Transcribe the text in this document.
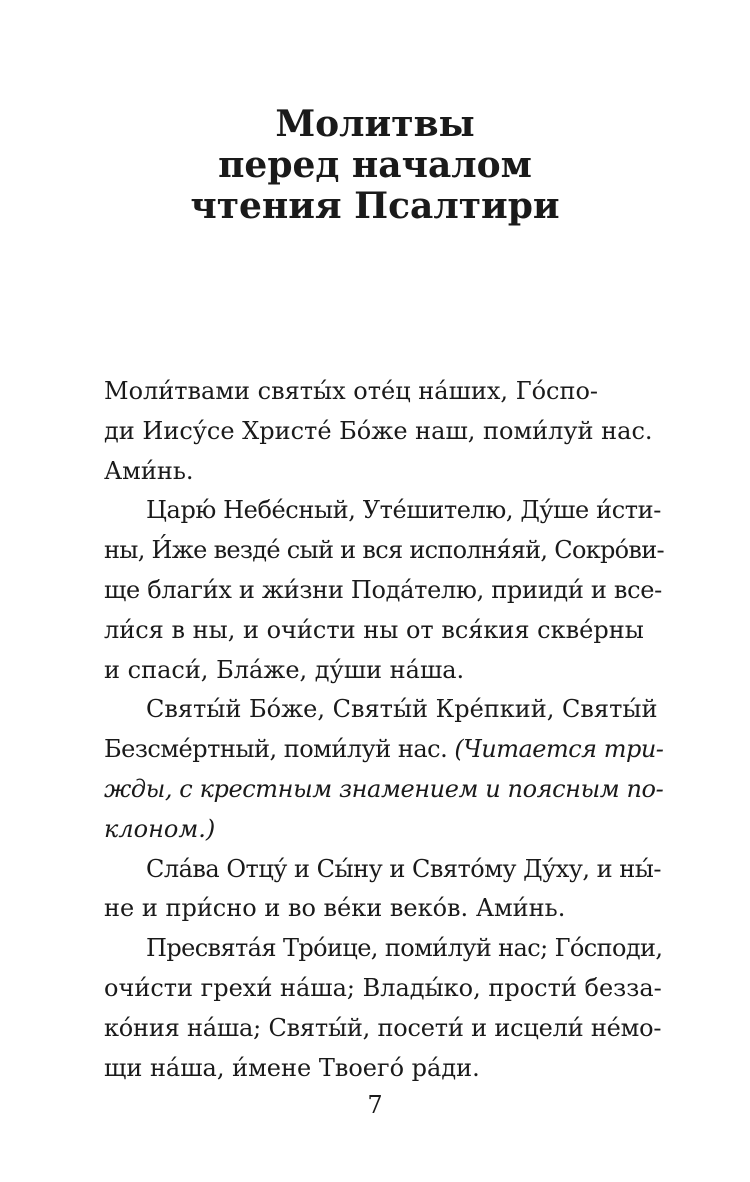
Молитвы
перед началом
чтения Псалтири

Моли́твами святы́х оте́ц на́ших, Го́спо-
ди Иису́се Христе́ Бо́же наш, поми́луй нас.
Ами́нь.

Царю́ Небе́сный, Уте́шителю, Ду́ше и́сти-
ны, И́же везде́ сый и вся исполня́яй, Сокро́ви-
ще благи́х и жи́зни Пода́телю, прииди́ и все-
ли́ся в ны, и очи́сти ны от вся́кия скве́рны
и спаси́, Бла́же, ду́ши на́ша.

Святы́й Бо́же, Святы́й Кре́пкий, Святы́й
Безсме́ртный, поми́луй нас. (Читается три-
жды, с крестным знамением и поясным по-
клоном.)

Сла́ва Отцу́ и Сы́ну и Свято́му Ду́ху, и ны́-
не и при́сно и во ве́ки веко́в. Ами́нь.

Пресвята́я Тро́ице, поми́луй нас; Го́споди,
очи́сти грехи́ на́ша; Влады́ко, прости́ безза-
ко́ния на́ша; Святы́й, посети́ и исцели́ не́мо-
щи на́ша, и́мене Твоего́ ра́ди.

7
